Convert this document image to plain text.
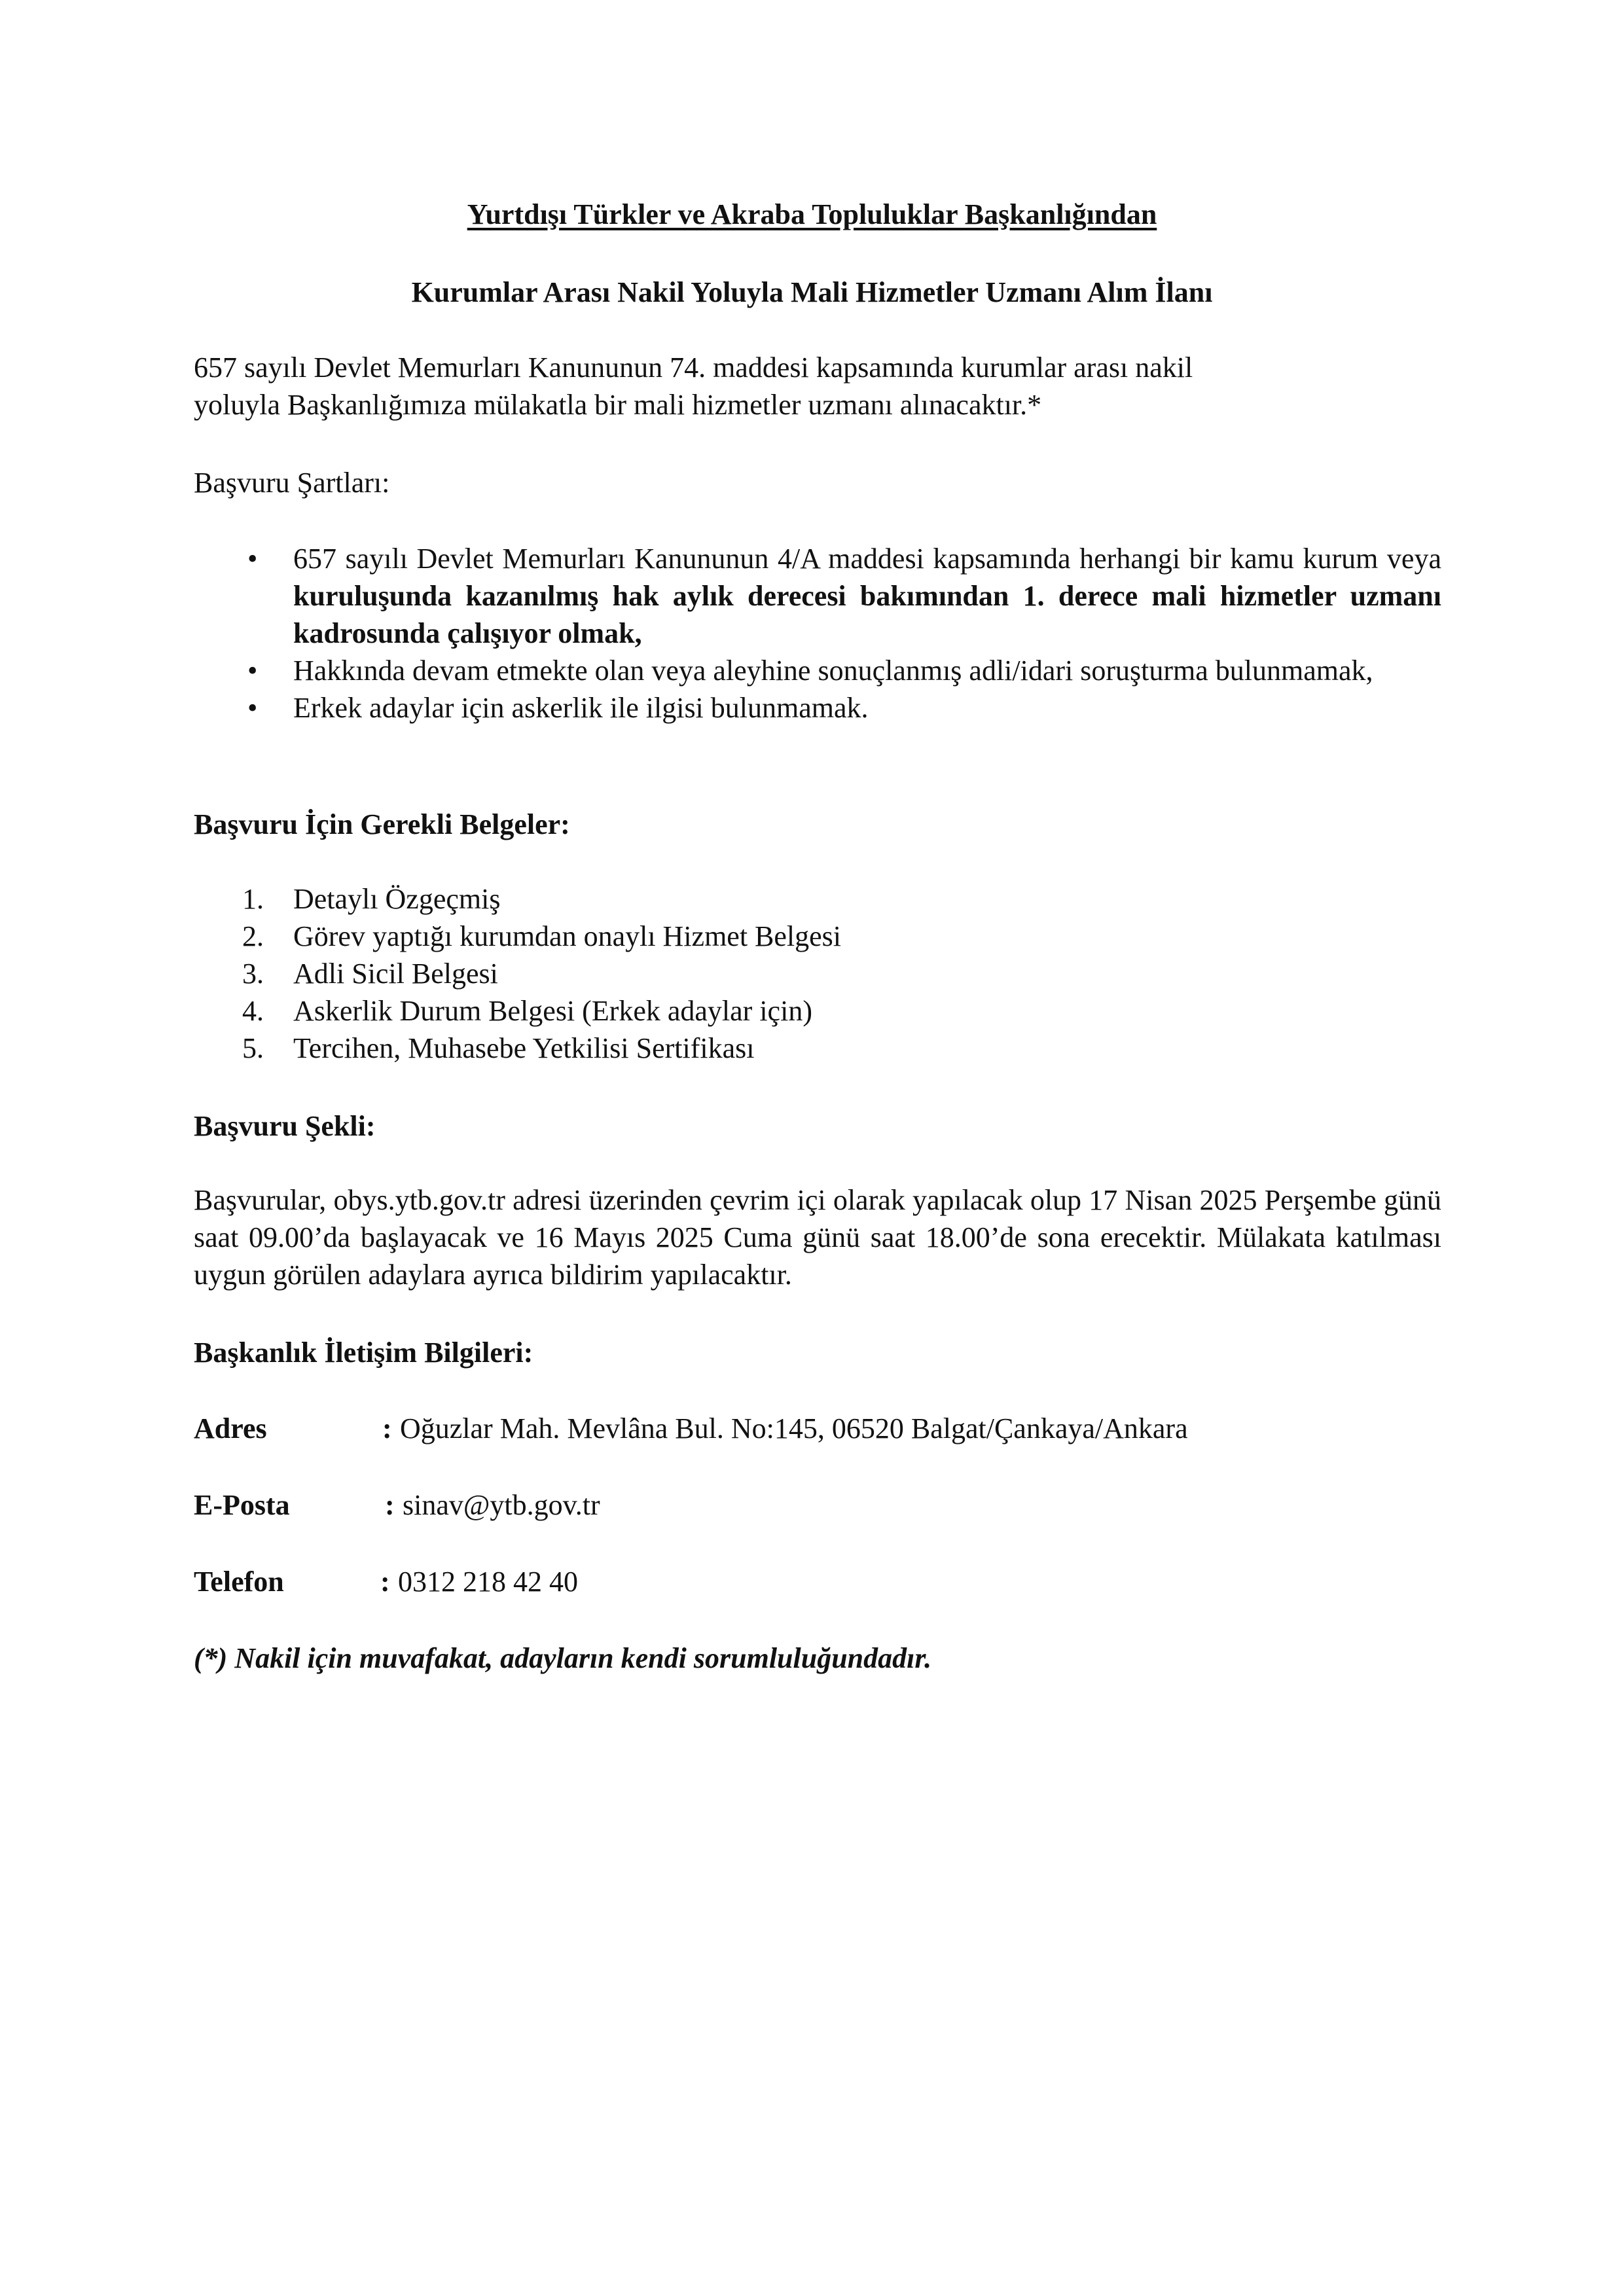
Yurtdışı Türkler ve Akraba Topluluklar Başkanlığından
Kurumlar Arası Nakil Yoluyla Mali Hizmetler Uzmanı Alım İlanı
657 sayılı Devlet Memurları Kanununun 74. maddesi kapsamında kurumlar arası nakil
yoluyla Başkanlığımıza mülakatla bir mali hizmetler uzmanı alınacaktır.*
Başvuru Şartları:
• 657 sayılı Devlet Memurları Kanununun 4/A maddesi kapsamında herhangi bir kamu kurum veya kuruluşunda kazanılmış hak aylık derecesi bakımından 1. derece mali hizmetler uzmanı kadrosunda çalışıyor olmak,
• Hakkında devam etmekte olan veya aleyhine sonuçlanmış adli/idari soruşturma bulunmamak,
• Erkek adaylar için askerlik ile ilgisi bulunmamak.
Başvuru İçin Gerekli Belgeler:
1. Detaylı Özgeçmiş
2. Görev yaptığı kurumdan onaylı Hizmet Belgesi
3. Adli Sicil Belgesi
4. Askerlik Durum Belgesi (Erkek adaylar için)
5. Tercihen, Muhasebe Yetkilisi Sertifikası
Başvuru Şekli:
Başvurular, obys.ytb.gov.tr adresi üzerinden çevrim içi olarak yapılacak olup 17 Nisan 2025 Perşembe günü saat 09.00’da başlayacak ve 16 Mayıs 2025 Cuma günü saat 18.00’de sona erecektir. Mülakata katılması uygun görülen adaylara ayrıca bildirim yapılacaktır.
Başkanlık İletişim Bilgileri:
Adres	: Oğuzlar Mah. Mevlâna Bul. No:145, 06520 Balgat/Çankaya/Ankara
E-Posta	: sinav@ytb.gov.tr
Telefon	: 0312 218 42 40
(*) Nakil için muvafakat, adayların kendi sorumluluğundadır.
